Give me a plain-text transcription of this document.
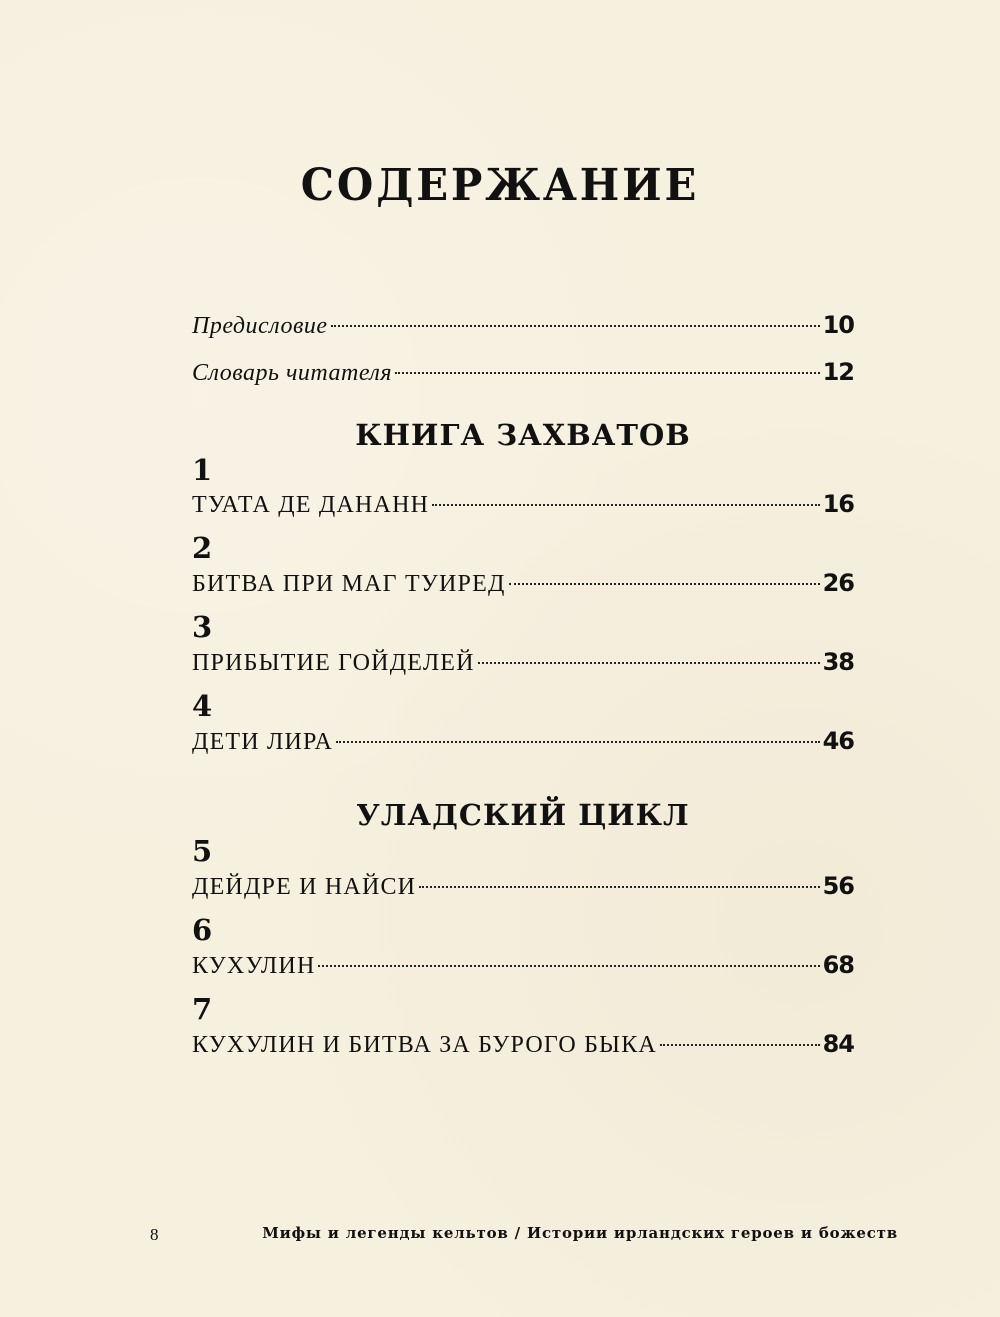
СОДЕРЖАНИЕ
Предисловие	10
Словарь читателя	12
КНИГА ЗАХВАТОВ
1
ТУАТА ДЕ ДАНАНН	16
2
БИТВА ПРИ МАГ ТУИРЕД	26
3
ПРИБЫТИЕ ГОЙДЕЛЕЙ	38
4
ДЕТИ ЛИРА	46
УЛАДСКИЙ ЦИКЛ
5
ДЕЙДРЕ И НАЙСИ	56
6
КУХУЛИН	68
7
КУХУЛИН И БИТВА ЗА БУРОГО БЫКА	84
8	Мифы и легенды кельтов / Истории ирландских героев и божеств
